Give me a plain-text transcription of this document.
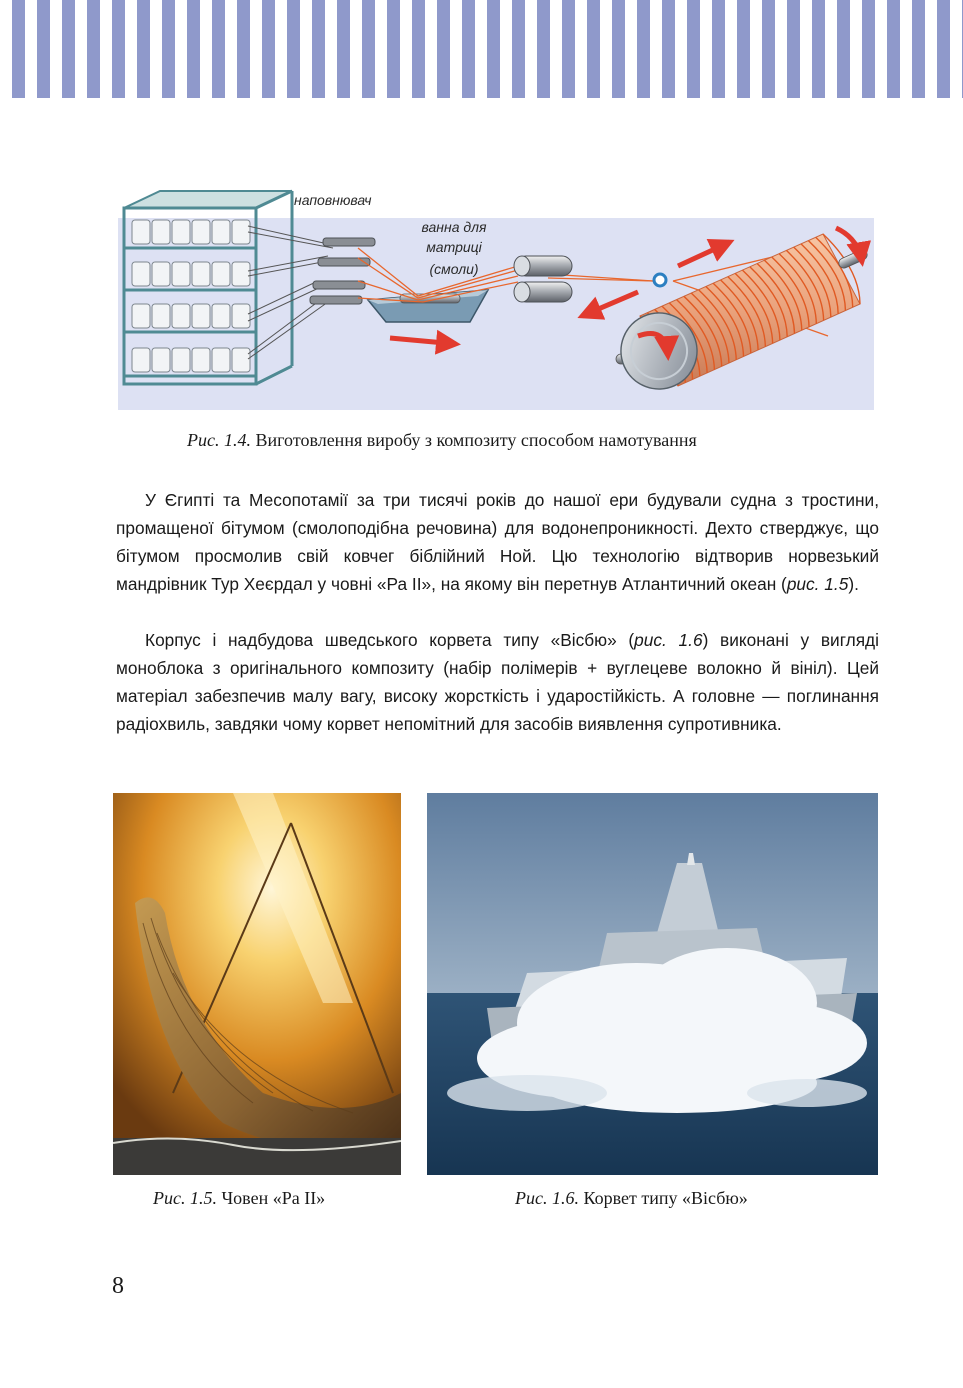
наповнювач
ванна для
матриці
(смоли)
Рис. 1.4. Виготовлення виробу з композиту способом намотування

У Єгипті та Месопотамії за три тисячі років до нашої ери будували судна з тростини, промащеної бітумом (смолоподібна речовина) для водонепроникності. Дехто стверджує, що бітумом просмолив свій ковчег біблійний Ной. Цю технологію відтворив норвезький мандрівник Тур Хеєрдал у човні «Ра ІІ», на якому він перетнув Атлантичний океан (рис. 1.5).

Корпус і надбудова шведського корвета типу «Вісбю» (рис. 1.6) виконані у вигляді моноблока з оригінального композиту (набір полімерів + вуглецеве волокно й вініл). Цей матеріал забезпечив малу вагу, високу жорсткість і ударостійкість. А головне — поглинання радіохвиль, завдяки чому корвет непомітний для засобів виявлення супротивника.

Рис. 1.5. Човен «Ра ІІ»	Рис. 1.6. Корвет типу «Вісбю»
8
